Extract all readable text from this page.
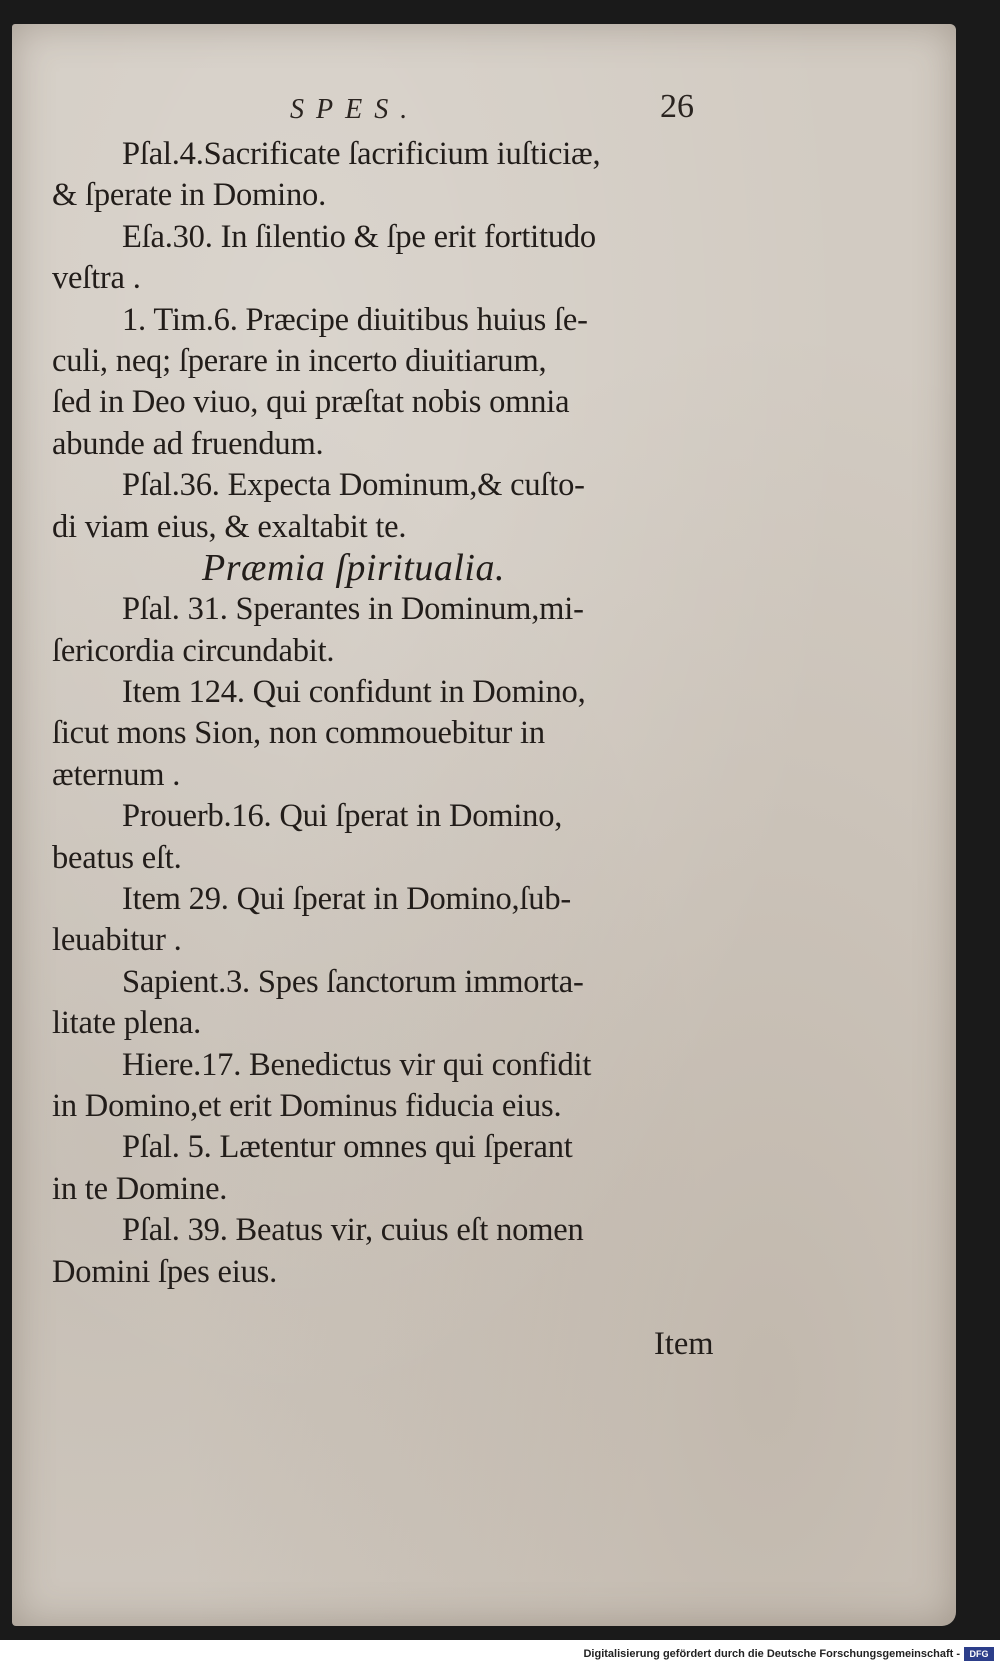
SPES.	26
Pſal.4.Sacrificate ſacrificium iuſticiæ,
& ſperate in Domino.
Eſa.30. In ſilentio & ſpe erit fortitudo
veſtra .
1. Tim.6. Præcipe diuitibus huius ſe-
culi, neq; ſperare in incerto diuitiarum,
ſed in Deo viuo, qui præſtat nobis omnia
abunde ad fruendum.
Pſal.36. Expecta Dominum,& cuſto-
di viam eius, & exaltabit te.
Præmia ſpiritualia.
Pſal. 31. Sperantes in Dominum,mi-
ſericordia circundabit.
Item 124. Qui confidunt in Domino,
ſicut mons Sion, non commouebitur in
æternum .
Prouerb.16. Qui ſperat in Domino,
beatus eſt.
Item 29. Qui ſperat in Domino,ſub-
leuabitur .
Sapient.3. Spes ſanctorum immorta-
litate plena.
Hiere.17. Benedictus vir qui confidit
in Domino,et erit Dominus fiducia eius.
Pſal. 5. Lætentur omnes qui ſperant
in te Domine.
Pſal. 39. Beatus vir, cuius eſt nomen
Domini ſpes eius.
Item
Digitalisierung gefördert durch die Deutsche Forschungsgemeinschaft -	DFG
